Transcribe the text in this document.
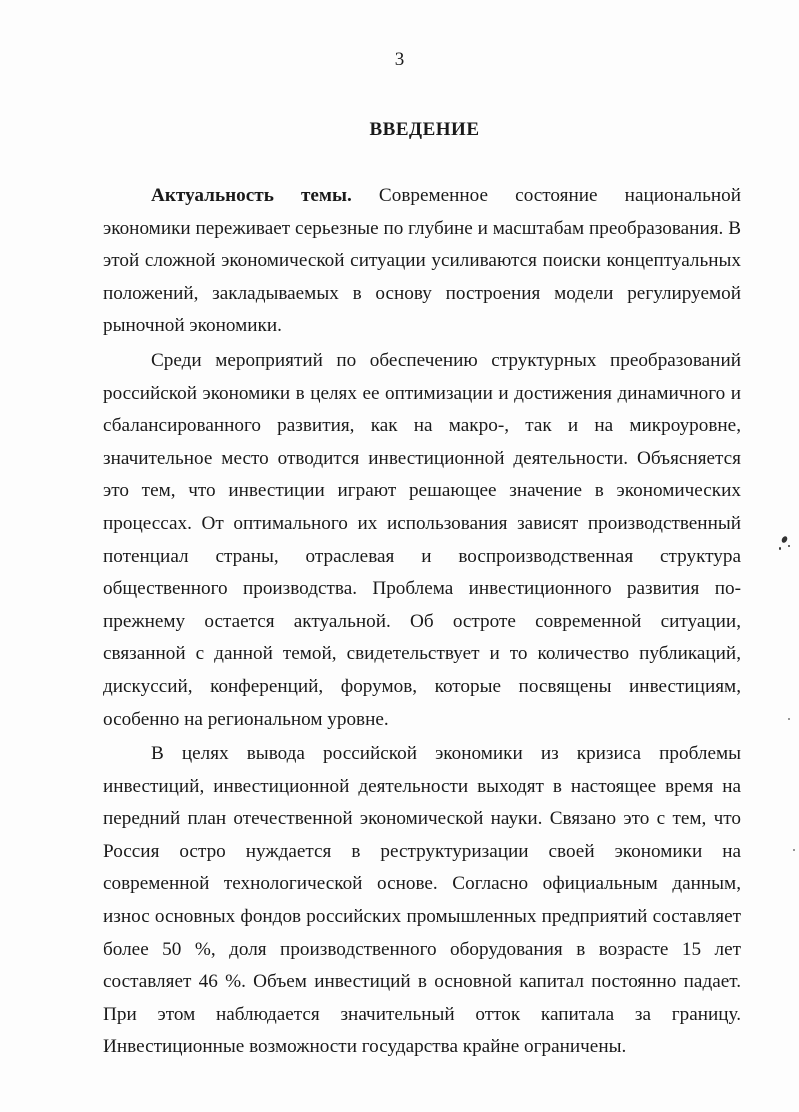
3
ВВЕДЕНИЕ

Актуальность темы. Современное состояние национальной экономики переживает серьезные по глубине и масштабам преобразования. В этой сложной экономической ситуации усиливаются поиски концептуальных положений, закладываемых в основу построения модели регулируемой рыночной экономики.

Среди мероприятий по обеспечению структурных преобразований российской экономики в целях ее оптимизации и достижения динамичного и сбалансированного развития, как на макро-, так и на микроуровне, значительное место отводится инвестиционной деятельности. Объясняется это тем, что инвестиции играют решающее значение в экономических процессах. От оптимального их использования зависят производственный потенциал страны, отраслевая и воспроизводственная структура общественного производства. Проблема инвестиционного развития по-прежнему остается актуальной. Об остроте современной ситуации, связанной с данной темой, свидетельствует и то количество публикаций, дискуссий, конференций, форумов, которые посвящены инвестициям, особенно на региональном уровне.

В целях вывода российской экономики из кризиса проблемы инвестиций, инвестиционной деятельности выходят в настоящее время на передний план отечественной экономической науки. Связано это с тем, что Россия остро нуждается в реструктуризации своей экономики на современной технологической основе. Согласно официальным данным, износ основных фондов российских промышленных предприятий составляет более 50 %, доля производственного оборудования в возрасте 15 лет составляет 46 %. Объем инвестиций в основной капитал постоянно падает. При этом наблюдается значительный отток капитала за границу. Инвестиционные возможности государства крайне ограничены.
